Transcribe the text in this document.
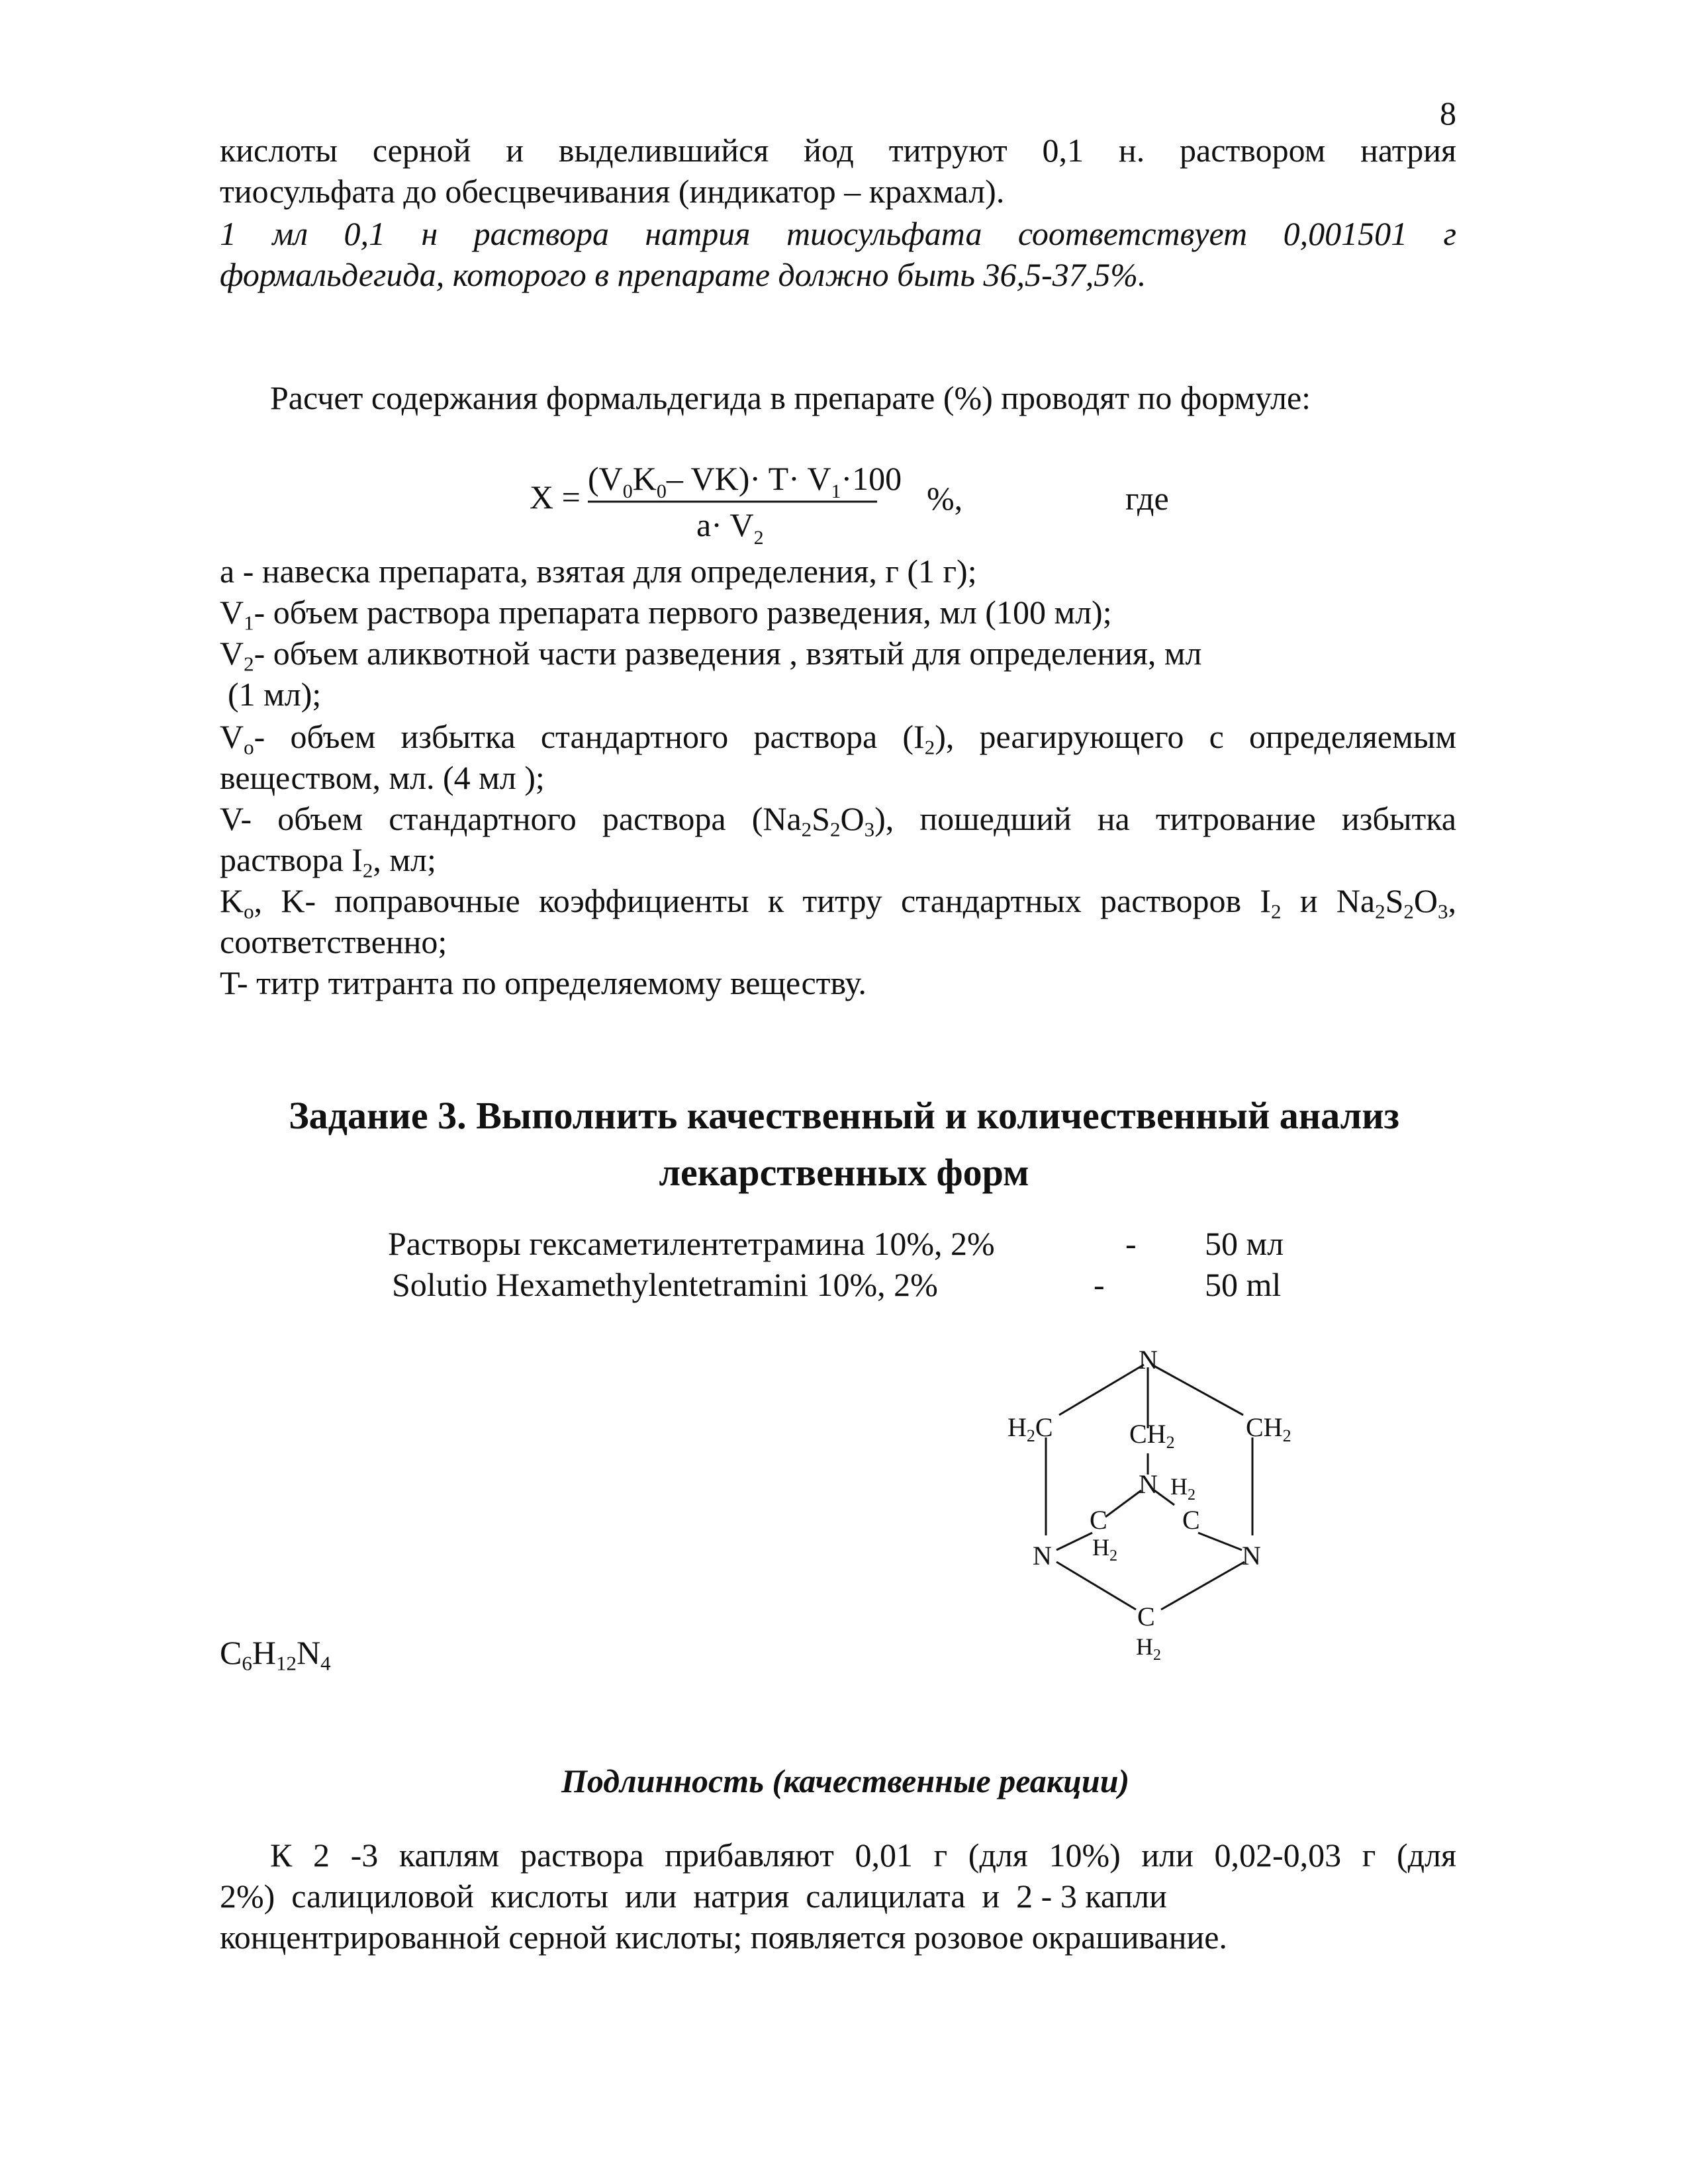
8
кислоты серной и выделившийся йод титруют 0,1 н. раствором натрия
тиосульфата до обесцвечивания (индикатор – крахмал).
1 мл 0,1 н раствора натрия тиосульфата соответствует 0,001501 г
формальдегида, которого в препарате должно быть 36,5-37,5%.
Расчет содержания формальдегида в препарате (%) проводят по формуле:
$X = (V_0K_0-$ $VK)\cdot T\cdot V_1\cdot 100$
$a\cdot V_2$
%,	где
a - навеска препарата, взятая для определения, г (1 г);
$V_1-$ объем раствора препарата первого разведения, мл (100 мл);
$V_2-$ объем аликвотной части разведения , взятый для определения, мл
(1 мл);
$V_o-$ объем избытка стандартного раствора $(I_2)$, реагирующего с определяемым
веществом, мл. (4 мл );
V- объем стандартного раствора $(Na_2S_2O_3)$, пошедший на титрование избытка
раствора $I_2$, мл;
$K_o$, K- поправочные коэффициенты к титру стандартных растворов $I_2$ и $Na_2S_2O_3$,
соответственно;
T- титр титранта по определяемому веществу.
Задание 3. Выполнить качественный и количественный анализ
лекарственных форм
Растворы гексаметилентетрамина 10%, 2%	- 50 мл
Solutio Hexamethylentetramini 10%, 2%	-	50 ml
N
$H_2C$	$CH_2$
$CH_2$
N $H_2$
C	C
$H_2$
N	N
C
$H_2$
$C_6H_{12}N_4$
Подлинность (качественные реакции)
К 2 -3 каплям раствора прибавляют 0,01 г (для 10%) или 0,02-0,03 г (для
2%)  салициловой  кислоты  или  натрия  салицилата  и  2 - 3 капли
концентрированной серной кислоты; появляется розовое окрашивание.
